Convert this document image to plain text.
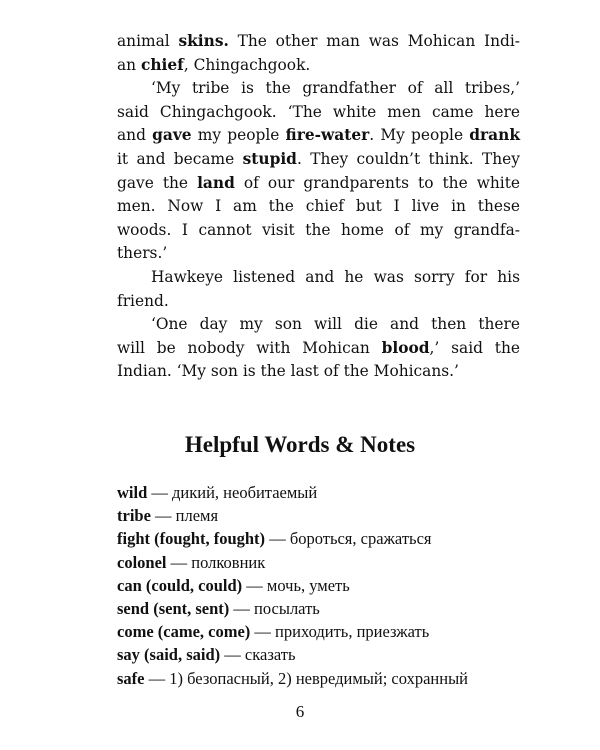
animal skins. The other man was Mohican Indi-
an chief, Chingachgook.
‘My tribe is the grandfather of all tribes,’
said Chingachgook. ‘The white men came here
and gave my people fire-water. My people drank
it and became stupid. They couldn’t think. They
gave the land of our grandparents to the white
men. Now I am the chief but I live in these
woods. I cannot visit the home of my grandfa-
thers.’
Hawkeye listened and he was sorry for his
friend.
‘One day my son will die and then there
will be nobody with Mohican blood,’ said the
Indian. ‘My son is the last of the Mohicans.’
Helpful Words & Notes
wild — дикий, необитаемый
tribe — племя
fight (fought, fought) — бороться, сражаться
colonel — полковник
can (could, could) — мочь, уметь
send (sent, sent) — посылать
come (came, come) — приходить, приезжать
say (said, said) — сказать
safe — 1) безопасный, 2) невредимый; сохранный
6
